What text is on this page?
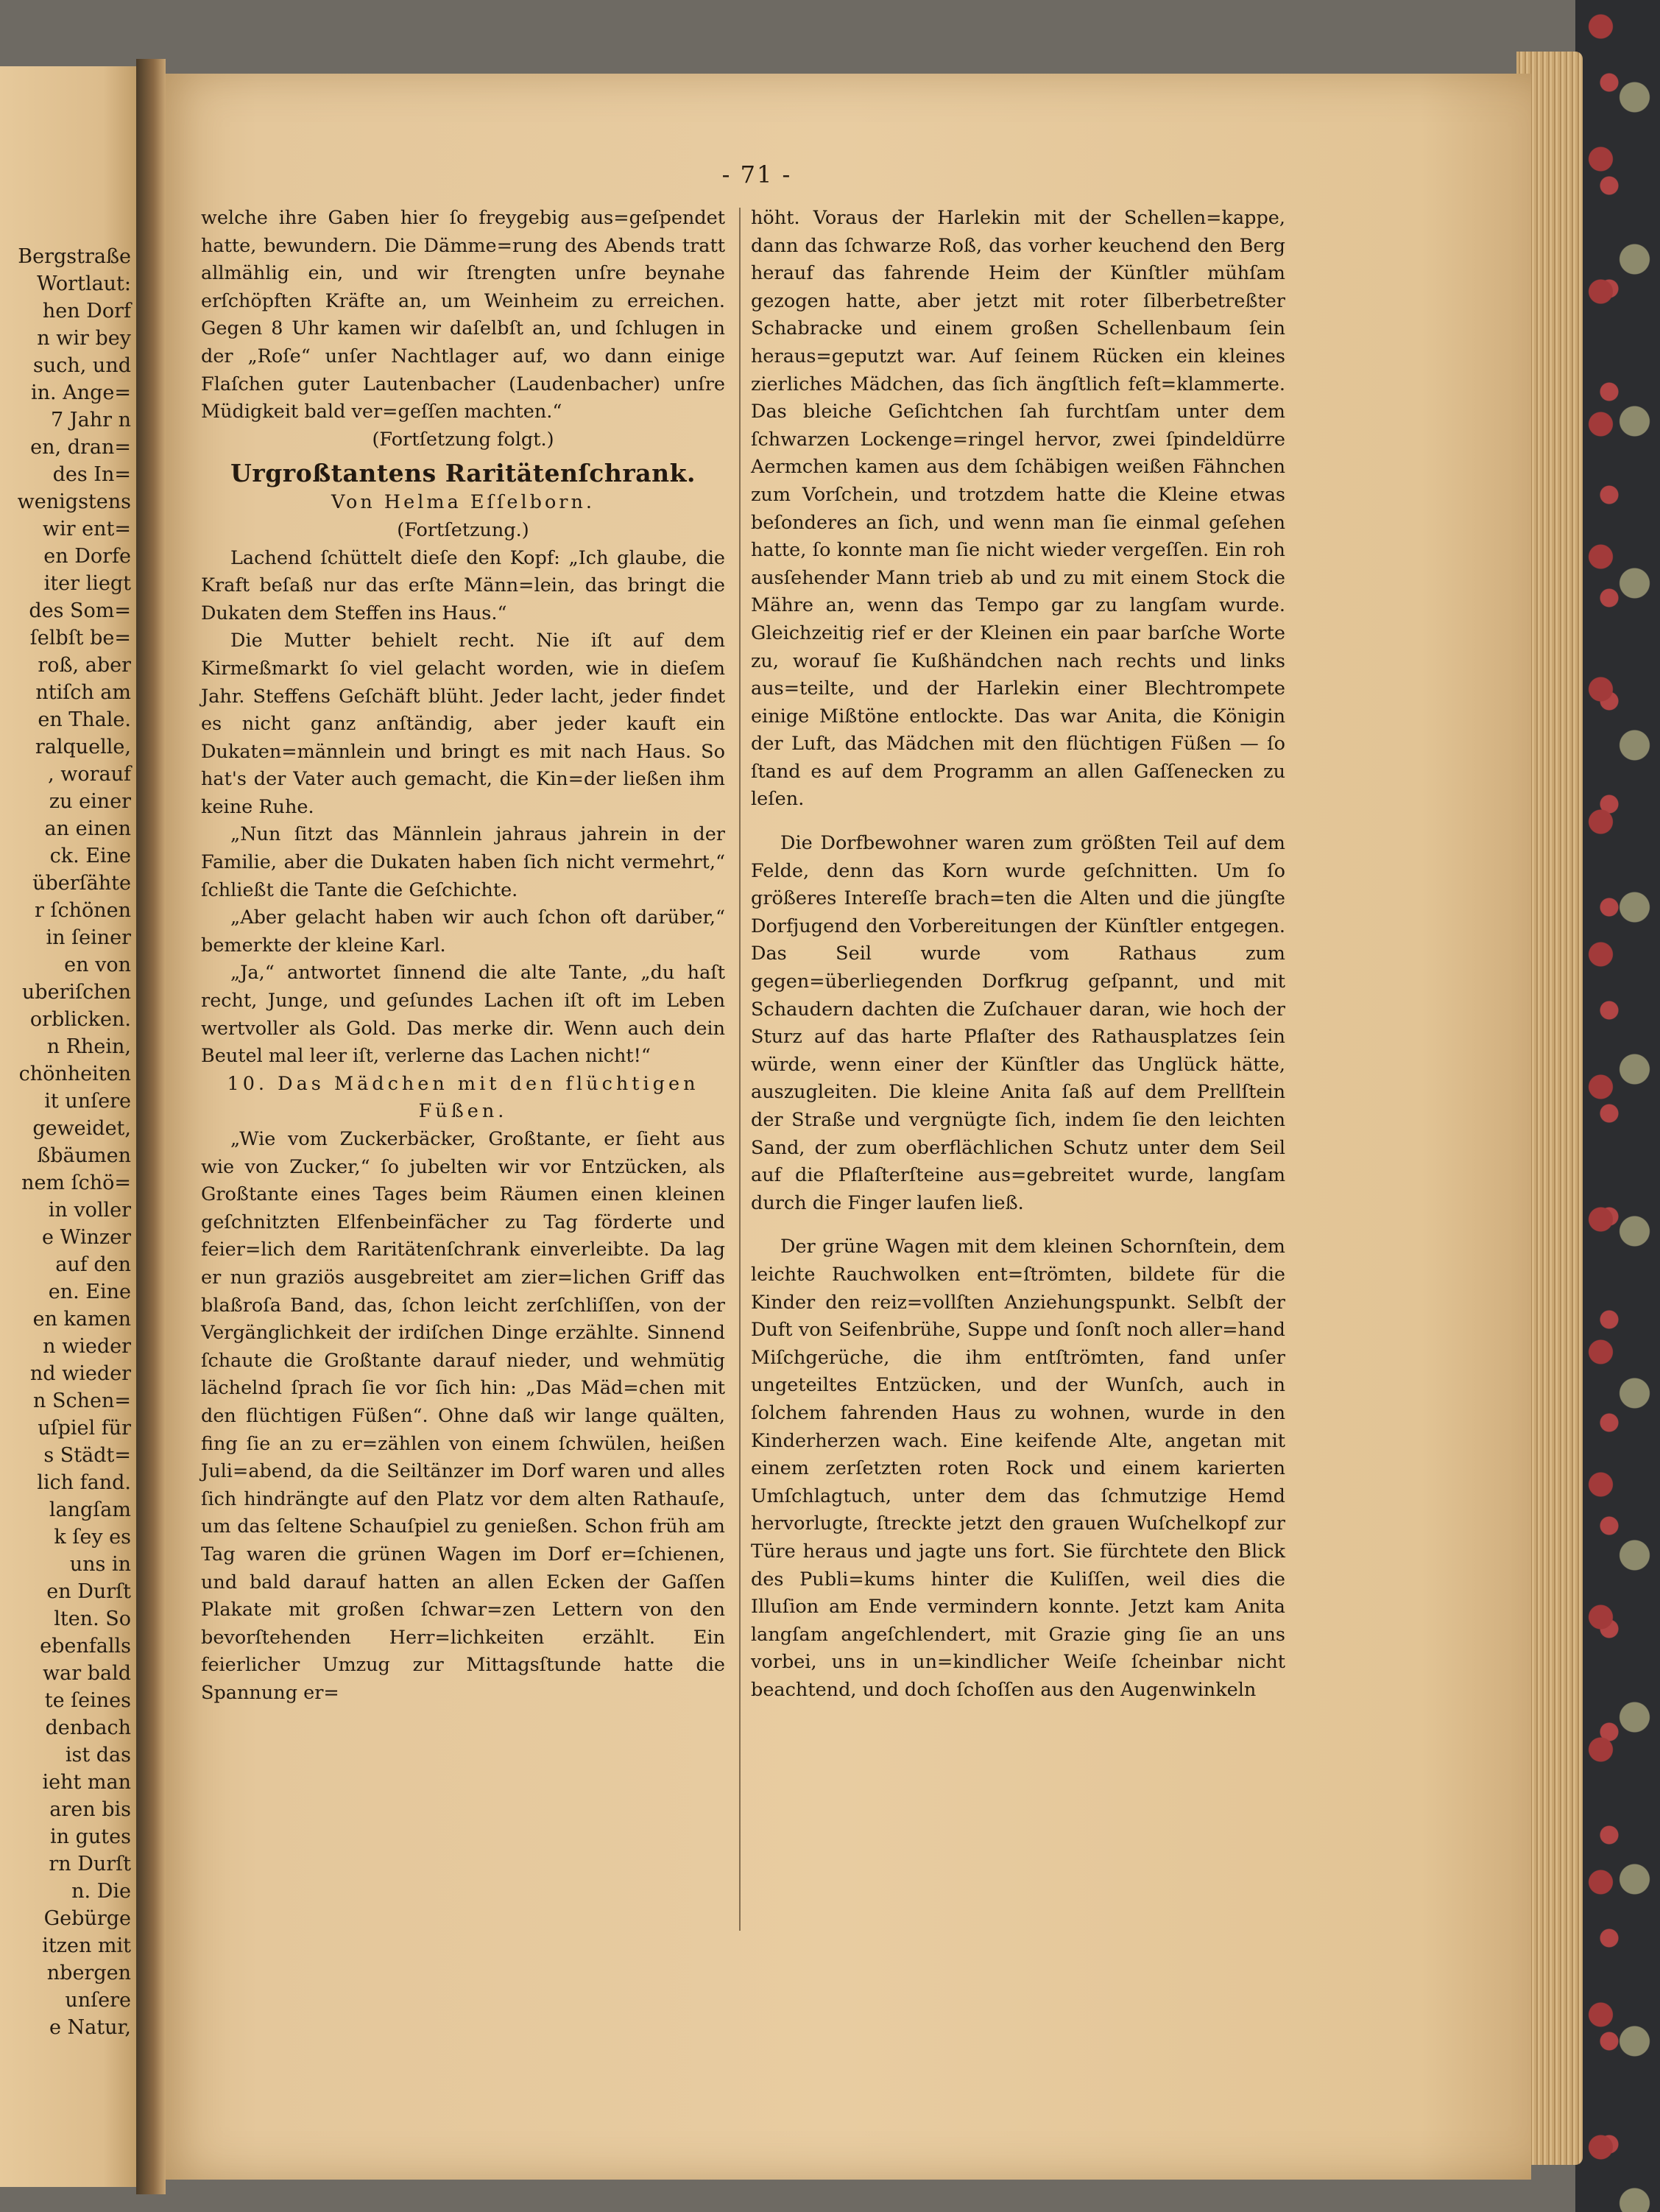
Bergstraße
Wortlaut:
hen Dorf
n wir bey
such, und
in. Ange=
7 Jahr n
en, dran=
des In=
wenigstens
wir ent=
en Dorfe
iter liegt
des Som=
ſelbſt be=
roß, aber
ntiſch am
en Thale.
ralquelle,
, worauf
zu einer
an einen
ck. Eine
überſähte
r ſchönen
in ſeiner
en von
uberiſchen
orblicken.
n Rhein,
chönheiten
it unſere
geweidet,
ßbäumen
nem ſchö=
in voller
e Winzer
auf den
en. Eine
en kamen
n wieder
nd wieder
n Schen=
uſpiel für
s Städt=
lich fand.
langſam
k ſey es
uns in
en Durſt
lten. So
ebenfalls
war bald
te ſeines
denbach
ist das
ieht man
aren bis
in gutes
rn Durſt
n. Die
Gebürge
itzen mit
nbergen
unſere
e Natur,
- 71 -

welche ihre Gaben hier ſo freygebig aus=geſpendet hatte, bewundern. Die Dämme=rung des Abends tratt allmählig ein, und wir ſtrengten unſre beynahe erſchöpften Kräfte an, um Weinheim zu erreichen. Gegen 8 Uhr kamen wir daſelbſt an, und ſchlugen in der „Roſe“ unſer Nachtlager auf, wo dann einige Flaſchen guter Lautenbacher (Laudenbacher) unſre Müdigkeit bald ver=geſſen machten.“

(Fortſetzung folgt.)

Urgroßtantens Raritätenſchrank.

Von Helma Eſſelborn.

(Fortſetzung.)

Lachend ſchüttelt dieſe den Kopf: „Ich glaube, die Kraft beſaß nur das erſte Männ=lein, das bringt die Dukaten dem Steffen ins Haus.“

Die Mutter behielt recht. Nie iſt auf dem Kirmeßmarkt ſo viel gelacht worden, wie in dieſem Jahr. Steffens Geſchäft blüht. Jeder lacht, jeder findet es nicht ganz anſtändig, aber jeder kauft ein Dukaten=männlein und bringt es mit nach Haus. So hat's der Vater auch gemacht, die Kin=der ließen ihm keine Ruhe.

„Nun ſitzt das Männlein jahraus jahrein in der Familie, aber die Dukaten haben ſich nicht vermehrt,“ ſchließt die Tante die Geſchichte.

„Aber gelacht haben wir auch ſchon oft darüber,“ bemerkte der kleine Karl.

„Ja,“ antwortet ſinnend die alte Tante, „du haſt recht, Junge, und geſundes Lachen iſt oft im Leben wertvoller als Gold. Das merke dir. Wenn auch dein Beutel mal leer iſt, verlerne das Lachen nicht!“

10. Das Mädchen mit den flüchtigen Füßen.

„Wie vom Zuckerbäcker, Großtante, er ſieht aus wie von Zucker,“ ſo jubelten wir vor Entzücken, als Großtante eines Tages beim Räumen einen kleinen geſchnitzten Elfenbeinfächer zu Tag förderte und feier=lich dem Raritätenſchrank einverleibte. Da lag er nun graziös ausgebreitet am zier=lichen Griff das blaßroſa Band, das, ſchon leicht zerſchliſſen, von der Vergänglichkeit der irdiſchen Dinge erzählte. Sinnend ſchaute die Großtante darauf nieder, und wehmütig lächelnd ſprach ſie vor ſich hin: „Das Mäd=chen mit den flüchtigen Füßen“. Ohne daß wir lange quälten, fing ſie an zu er=zählen von einem ſchwülen, heißen Juli=abend, da die Seiltänzer im Dorf waren und alles ſich hindrängte auf den Platz vor dem alten Rathauſe, um das ſeltene Schauſpiel zu genießen. Schon früh am Tag waren die grünen Wagen im Dorf er=ſchienen, und bald darauf hatten an allen Ecken der Gaſſen Plakate mit großen ſchwar=zen Lettern von den bevorſtehenden Herr=lichkeiten erzählt. Ein feierlicher Umzug zur Mittagsſtunde hatte die Spannung er=

höht. Voraus der Harlekin mit der Schellen=kappe, dann das ſchwarze Roß, das vorher keuchend den Berg herauf das fahrende Heim der Künſtler mühſam gezogen hatte, aber jetzt mit roter ſilberbetreßter Schabracke und einem großen Schellenbaum ſein heraus=geputzt war. Auf ſeinem Rücken ein kleines zierliches Mädchen, das ſich ängſtlich feſt=klammerte. Das bleiche Geſichtchen ſah furchtſam unter dem ſchwarzen Lockenge=ringel hervor, zwei ſpindeldürre Aermchen kamen aus dem ſchäbigen weißen Fähnchen zum Vorſchein, und trotzdem hatte die Kleine etwas beſonderes an ſich, und wenn man ſie einmal geſehen hatte, ſo konnte man ſie nicht wieder vergeſſen. Ein roh ausſehender Mann trieb ab und zu mit einem Stock die Mähre an, wenn das Tempo gar zu langſam wurde. Gleichzeitig rief er der Kleinen ein paar barſche Worte zu, worauf ſie Kußhändchen nach rechts und links aus=teilte, und der Harlekin einer Blechtrompete einige Mißtöne entlockte. Das war Anita, die Königin der Luft, das Mädchen mit den flüchtigen Füßen — ſo ſtand es auf dem Programm an allen Gaſſenecken zu leſen.

Die Dorfbewohner waren zum größten Teil auf dem Felde, denn das Korn wurde geſchnitten. Um ſo größeres Intereſſe brach=ten die Alten und die jüngſte Dorfjugend den Vorbereitungen der Künſtler entgegen. Das Seil wurde vom Rathaus zum gegen=überliegenden Dorfkrug geſpannt, und mit Schaudern dachten die Zuſchauer daran, wie hoch der Sturz auf das harte Pflaſter des Rathausplatzes ſein würde, wenn einer der Künſtler das Unglück hätte, auszugleiten. Die kleine Anita ſaß auf dem Prellſtein der Straße und vergnügte ſich, indem ſie den leichten Sand, der zum oberflächlichen Schutz unter dem Seil auf die Pflaſterſteine aus=gebreitet wurde, langſam durch die Finger laufen ließ.

Der grüne Wagen mit dem kleinen Schornſtein, dem leichte Rauchwolken ent=ſtrömten, bildete für die Kinder den reiz=vollſten Anziehungspunkt. Selbſt der Duft von Seifenbrühe, Suppe und ſonſt noch aller=hand Miſchgerüche, die ihm entſtrömten, fand unſer ungeteiltes Entzücken, und der Wunſch, auch in ſolchem fahrenden Haus zu wohnen, wurde in den Kinderherzen wach. Eine keifende Alte, angetan mit einem zerſetzten roten Rock und einem karierten Umſchlagtuch, unter dem das ſchmutzige Hemd hervorlugte, ſtreckte jetzt den grauen Wuſchelkopf zur Türe heraus und jagte uns fort. Sie fürchtete den Blick des Publi=kums hinter die Kuliſſen, weil dies die Illuſion am Ende vermindern konnte. Jetzt kam Anita langſam angeſchlendert, mit Grazie ging ſie an uns vorbei, uns in un=kindlicher Weiſe ſcheinbar nicht beachtend, und doch ſchoſſen aus den Augenwinkeln
